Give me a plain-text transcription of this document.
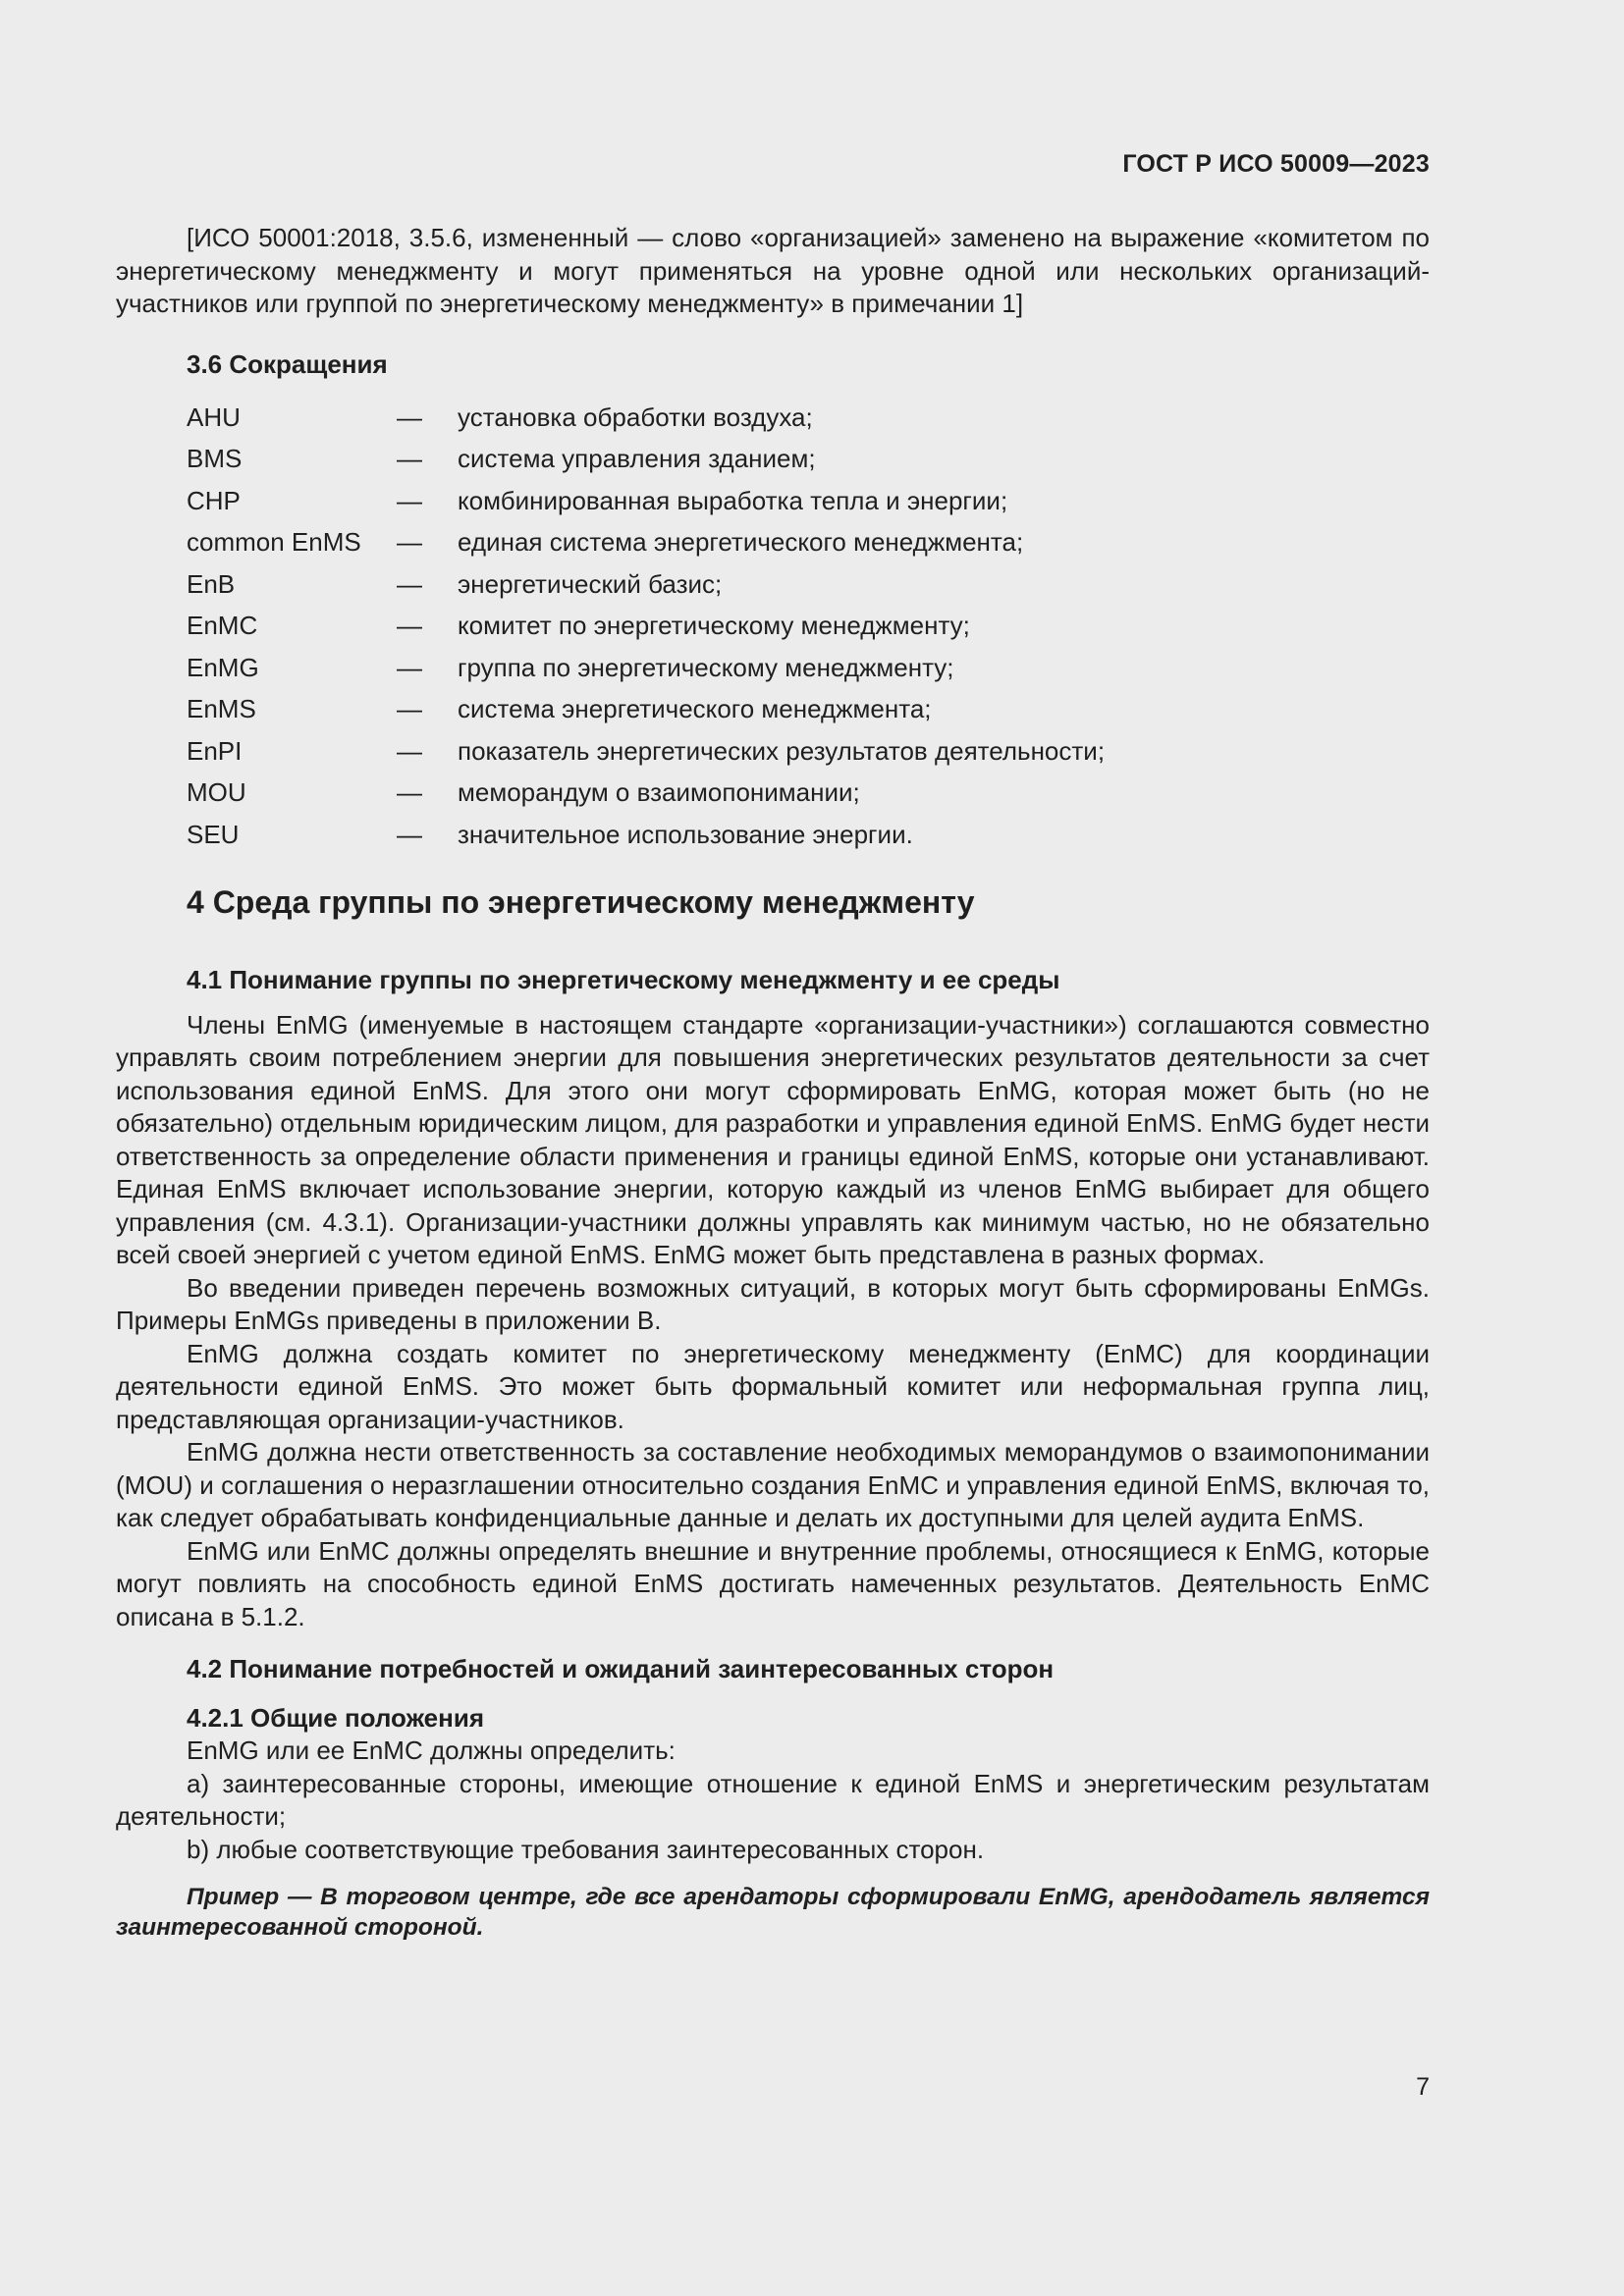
ГОСТ Р ИСО 50009—2023

[ИСО 50001:2018, 3.5.6, измененный — слово «организацией» заменено на выражение «комитетом по энергетическому менеджменту и могут применяться на уровне одной или нескольких организаций-участников или группой по энергетическому менеджменту» в примечании 1]

3.6 Сокращения
AHU	—	установка обработки воздуха;
BMS	—	система управления зданием;
CHP	—	комбинированная выработка тепла и энергии;
common EnMS	—	единая система энергетического менеджмента;
EnB	—	энергетический базис;
EnMC	—	комитет по энергетическому менеджменту;
EnMG	—	группа по энергетическому менеджменту;
EnMS	—	система энергетического менеджмента;
EnPI	—	показатель энергетических результатов деятельности;
MOU	—	меморандум о взаимопонимании;
SEU	—	значительное использование энергии.
4 Среда группы по энергетическому менеджменту
4.1 Понимание группы по энергетическому менеджменту и ее среды

Члены EnMG (именуемые в настоящем стандарте «организации-участники») соглашаются совместно управлять своим потреблением энергии для повышения энергетических результатов деятельности за счет использования единой EnMS. Для этого они могут сформировать EnMG, которая может быть (но не обязательно) отдельным юридическим лицом, для разработки и управления единой EnMS. EnMG будет нести ответственность за определение области применения и границы единой EnMS, которые они устанавливают. Единая EnMS включает использование энергии, которую каждый из членов EnMG выбирает для общего управления (см. 4.3.1). Организации-участники должны управлять как минимум частью, но не обязательно всей своей энергией с учетом единой EnMS. EnMG может быть представлена в разных формах.

Во введении приведен перечень возможных ситуаций, в которых могут быть сформированы EnMGs. Примеры EnMGs приведены в приложении В.

EnMG должна создать комитет по энергетическому менеджменту (EnMC) для координации деятельности единой EnMS. Это может быть формальный комитет или неформальная группа лиц, представляющая организации-участников.

EnMG должна нести ответственность за составление необходимых меморандумов о взаимопонимании (MOU) и соглашения о неразглашении относительно создания EnMC и управления единой EnMS, включая то, как следует обрабатывать конфиденциальные данные и делать их доступными для целей аудита EnMS.

EnMG или EnMC должны определять внешние и внутренние проблемы, относящиеся к EnMG, которые могут повлиять на способность единой EnMS достигать намеченных результатов. Деятельность EnMC описана в 5.1.2.

4.2 Понимание потребностей и ожиданий заинтересованных сторон
4.2.1 Общие положения

EnMG или ее EnMC должны определить:

а) заинтересованные стороны, имеющие отношение к единой EnMS и энергетическим результатам деятельности;

b) любые соответствующие требования заинтересованных сторон.

Пример — В торговом центре, где все арендаторы сформировали EnMG, арендодатель является заинтересованной стороной.

7
